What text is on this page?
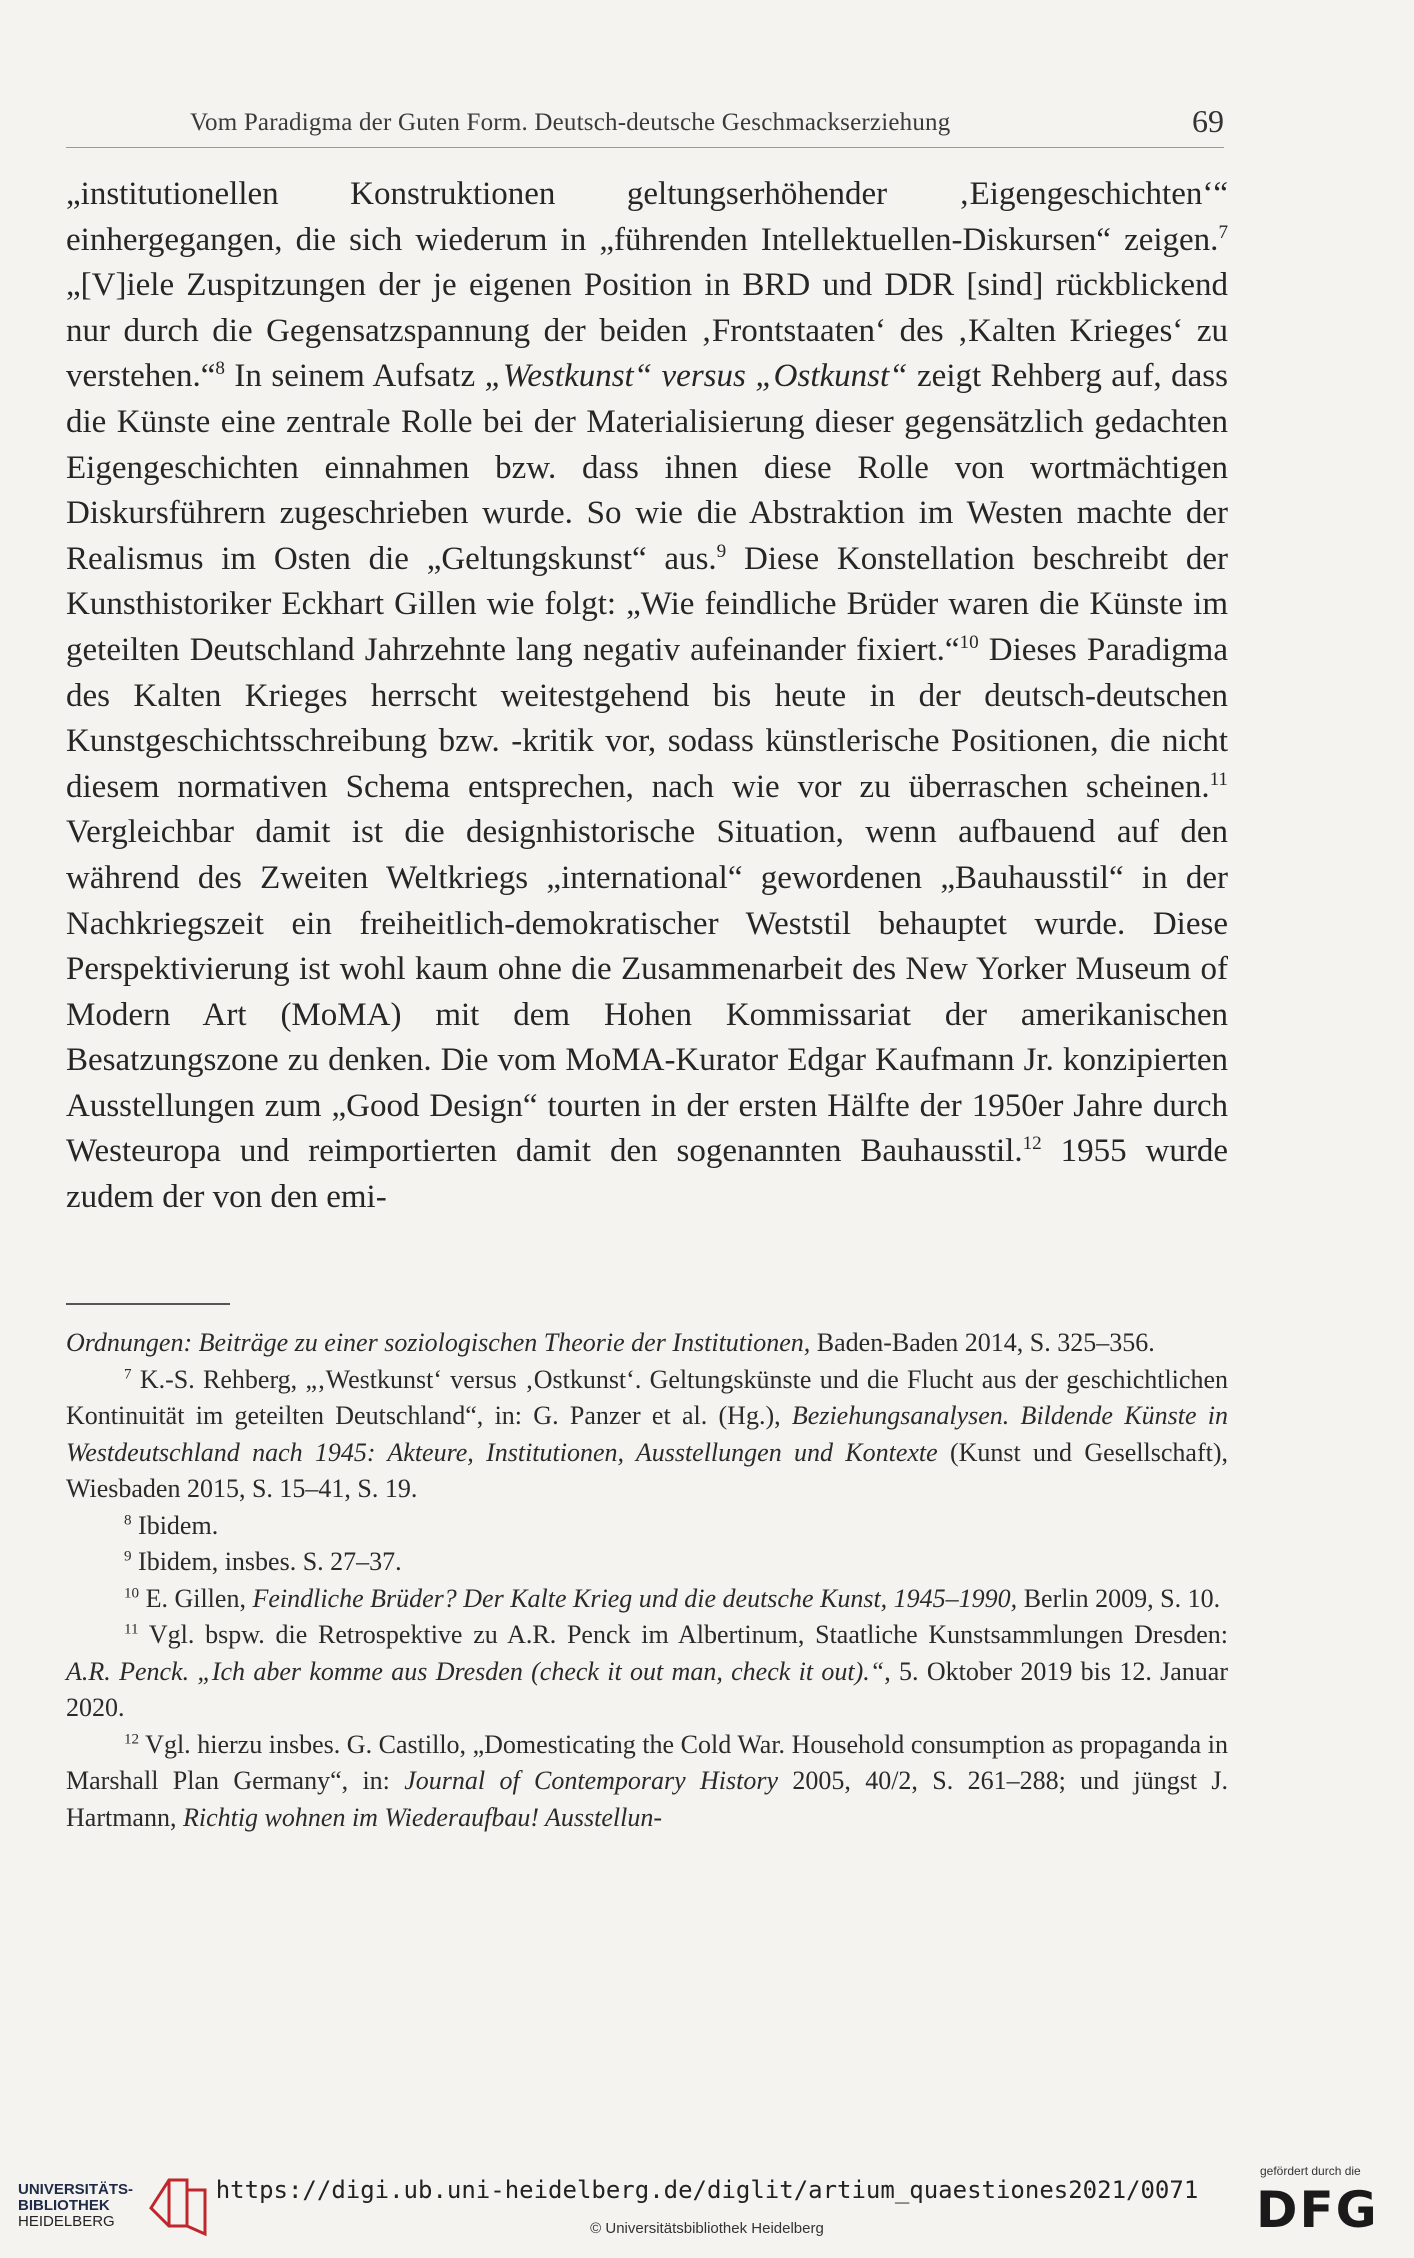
Vom Paradigma der Guten Form. Deutsch-deutsche Geschmackserziehung	69

„institutionellen Konstruktionen geltungserhöhender ‚Eigengeschichten‘“ einhergegangen, die sich wiederum in „führenden Intellektuellen-Diskursen“ zeigen.$^7$ „[V]iele Zuspitzungen der je eigenen Position in BRD und DDR [sind] rückblickend nur durch die Gegensatzspannung der beiden ‚Frontstaaten‘ des ‚Kalten Krieges‘ zu verstehen.“$^8$ In seinem Aufsatz „Westkunst“ versus „Ostkunst“ zeigt Rehberg auf, dass die Künste eine zentrale Rolle bei der Materialisierung dieser gegensätzlich gedachten Eigengeschichten einnahmen bzw. dass ihnen diese Rolle von wortmächtigen Diskursführern zugeschrieben wurde. So wie die Abstraktion im Westen machte der Realismus im Osten die „Geltungskunst“ aus.$^9$ Diese Konstellation beschreibt der Kunsthistoriker Eckhart Gillen wie folgt: „Wie feindliche Brüder waren die Künste im geteilten Deutschland Jahrzehnte lang negativ aufeinander fixiert.“$^{10}$ Dieses Paradigma des Kalten Krieges herrscht weitestgehend bis heute in der deutsch-deutschen Kunstgeschichtsschreibung bzw. -kritik vor, sodass künstlerische Positionen, die nicht diesem normativen Schema entsprechen, nach wie vor zu überraschen scheinen.$^{11}$ Vergleichbar damit ist die designhistorische Situation, wenn aufbauend auf den während des Zweiten Weltkriegs „international“ gewordenen „Bauhausstil“ in der Nachkriegszeit ein freiheitlich-demokratischer Weststil behauptet wurde. Diese Perspektivierung ist wohl kaum ohne die Zusammenarbeit des New Yorker Museum of Modern Art (MoMA) mit dem Hohen Kommissariat der amerikanischen Besatzungszone zu denken. Die vom MoMA-Kurator Edgar Kaufmann Jr. konzipierten Ausstellungen zum „Good Design“ tourten in der ersten Hälfte der 1950er Jahre durch Westeuropa und reimportierten damit den sogenannten Bauhausstil.$^{12}$ 1955 wurde zudem der von den emi-

Ordnungen: Beiträge zu einer soziologischen Theorie der Institutionen, Baden-Baden 2014, S. 325–356.

$^7$ K.-S. Rehberg, „‚Westkunst‘ versus ‚Ostkunst‘. Geltungskünste und die Flucht aus der geschichtlichen Kontinuität im geteilten Deutschland“, in: G. Panzer et al. (Hg.), Beziehungsanalysen. Bildende Künste in Westdeutschland nach 1945: Akteure, Institutionen, Ausstellungen und Kontexte (Kunst und Gesellschaft), Wiesbaden 2015, S. 15–41, S. 19.

$^8$ Ibidem.

$^9$ Ibidem, insbes. S. 27–37.

$^{10}$ E. Gillen, Feindliche Brüder? Der Kalte Krieg und die deutsche Kunst, 1945–1990, Berlin 2009, S. 10.

$^{11}$ Vgl. bspw. die Retrospektive zu A.R. Penck im Albertinum, Staatliche Kunstsammlungen Dresden: A.R. Penck. „Ich aber komme aus Dresden (check it out man, check it out).“, 5. Oktober 2019 bis 12. Januar 2020.

$^{12}$ Vgl. hierzu insbes. G. Castillo, „Domesticating the Cold War. Household consumption as propaganda in Marshall Plan Germany“, in: Journal of Contemporary History 2005, 40/2, S. 261–288; und jüngst J. Hartmann, Richtig wohnen im Wiederaufbau! Ausstellun-

UNIVERSITÄTS-
BIBLIOTHEK
HEIDELBERG
https://digi.ub.uni-heidelberg.de/diglit/artium_quaestiones2021/0071
© Universitätsbibliothek Heidelberg
gefördert durch die
DFG
